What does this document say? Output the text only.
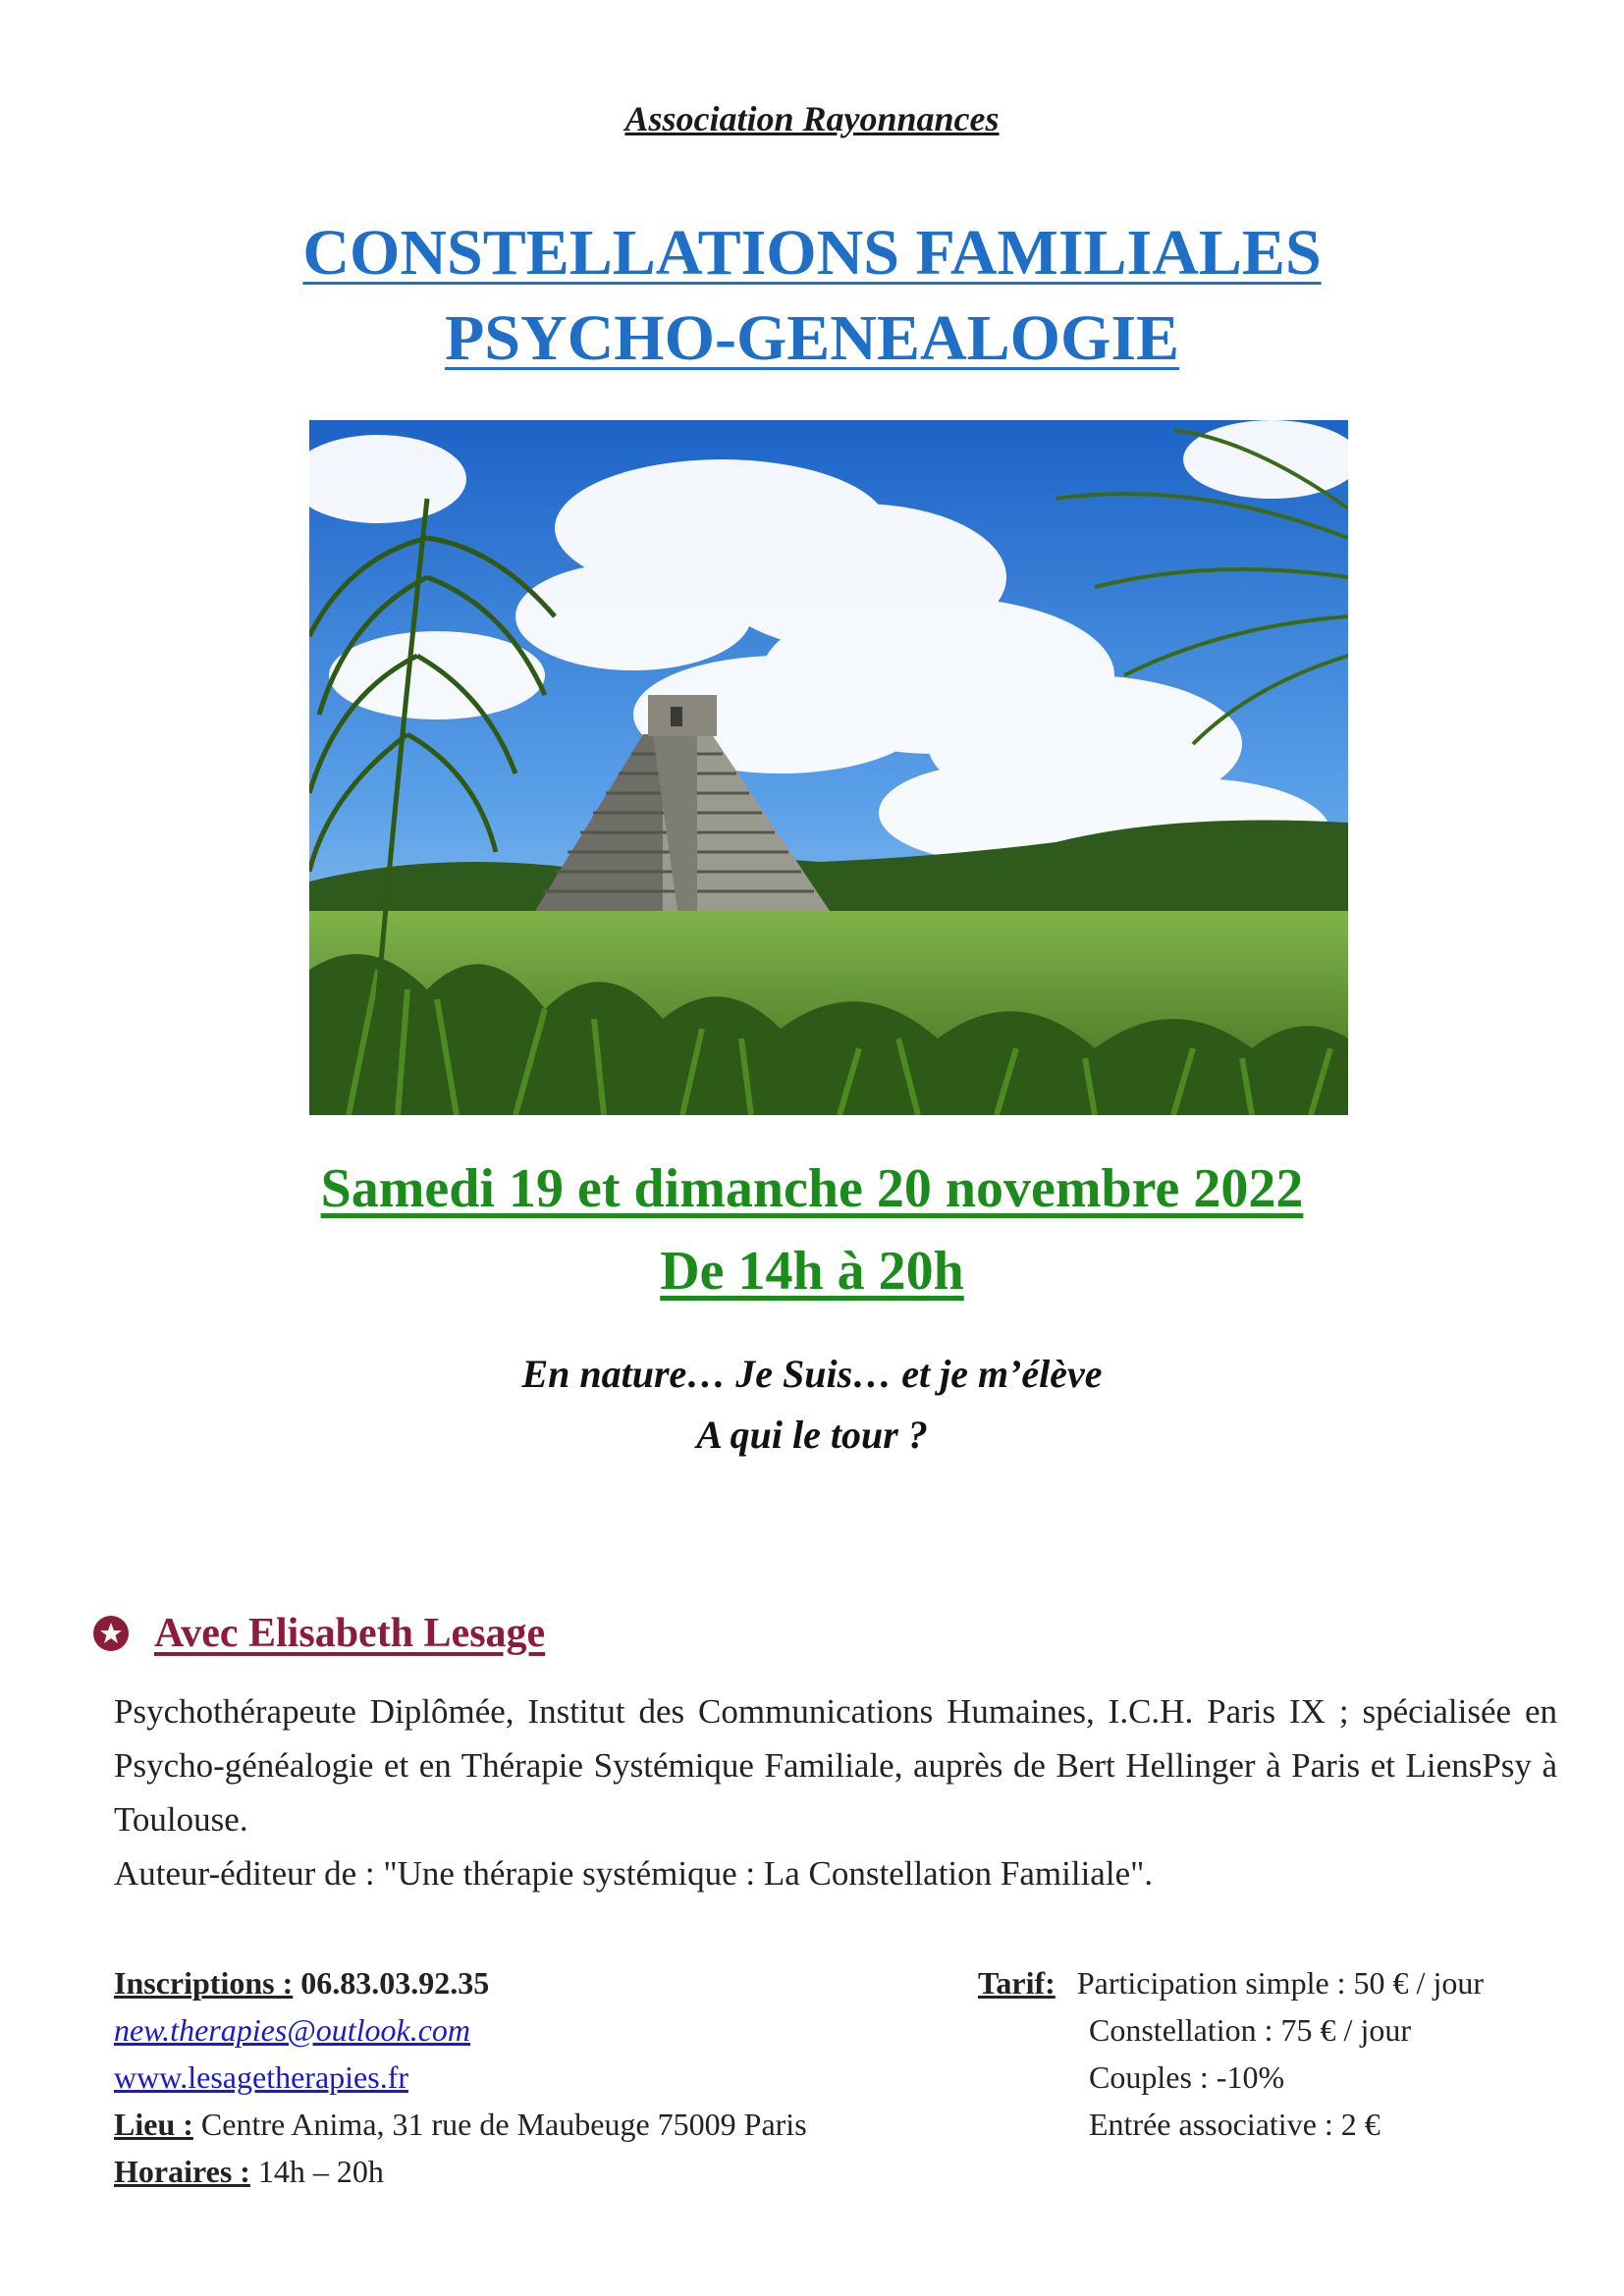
Association Rayonnances
CONSTELLATIONS FAMILIALES
PSYCHO-GENEALOGIE
Samedi 19 et dimanche 20 novembre 2022
De 14h à 20h
En nature… Je Suis… et je m’élève
A qui le tour ?
Avec Elisabeth Lesage

Psychothérapeute Diplômée, Institut des Communications Humaines, I.C.H. Paris IX ; spécialisée en Psycho-généalogie et en Thérapie Systémique Familiale, auprès de Bert Hellinger à Paris et LiensPsy à Toulouse.

Auteur-éditeur de : "Une thérapie systémique : La Constellation Familiale".

Inscriptions : 06.83.03.92.35
new.therapies@outlook.com
www.lesagetherapies.fr
Lieu : Centre Anima, 31 rue de Maubeuge 75009 Paris
Horaires : 14h – 20h
Tarif: Participation simple : 50 € / jour
Constellation : 75 € / jour
Couples : -10%
Entrée associative : 2 €
